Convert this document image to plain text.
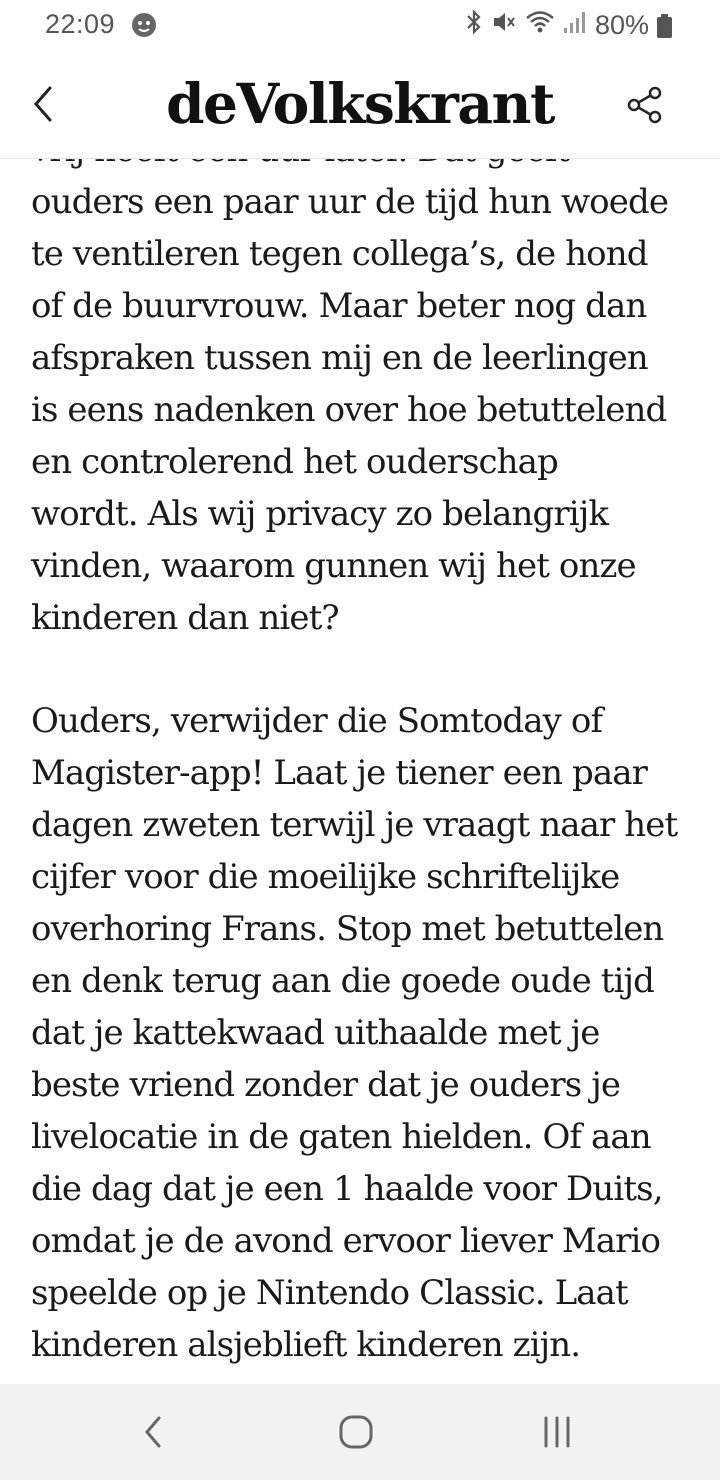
22:09	80%
deVolkskrant

ouders een paar uur de tijd hun woede
te ventileren tegen collega’s, de hond
of de buurvrouw. Maar beter nog dan
afspraken tussen mij en de leerlingen
is eens nadenken over hoe betuttelend
en controlerend het ouderschap
wordt. Als wij privacy zo belangrijk
vinden, waarom gunnen wij het onze
kinderen dan niet?

Ouders, verwijder die Somtoday of
Magister-app! Laat je tiener een paar
dagen zweten terwijl je vraagt naar het
cijfer voor die moeilijke schriftelijke
overhoring Frans. Stop met betuttelen
en denk terug aan die goede oude tijd
dat je kattekwaad uithaalde met je
beste vriend zonder dat je ouders je
livelocatie in de gaten hielden. Of aan
die dag dat je een 1 haalde voor Duits,
omdat je de avond ervoor liever Mario
speelde op je Nintendo Classic. Laat
kinderen alsjeblieft kinderen zijn.
